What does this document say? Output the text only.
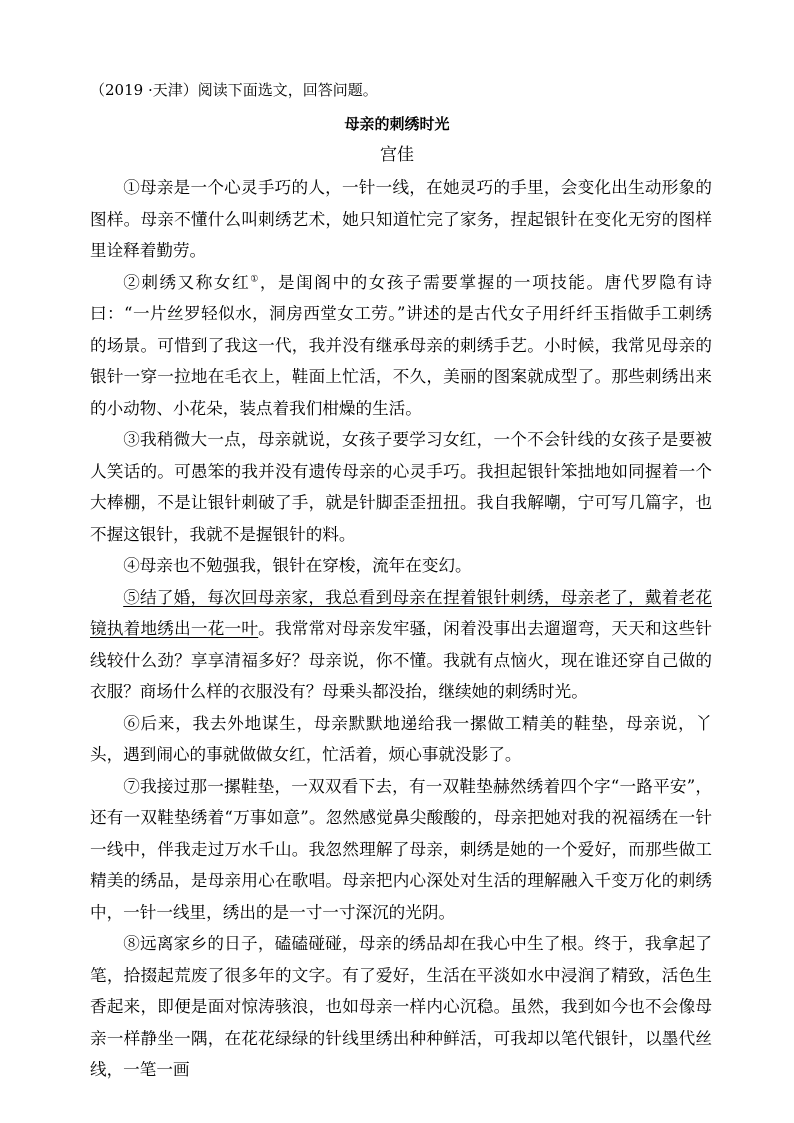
（2019 ·天津）阅读下面选文，回答问题。
母亲的刺绣时光
宫佳

①母亲是一个心灵手巧的人，一针一线，在她灵巧的手里，会变化出生动形象的图样。母亲不懂什么叫刺绣艺术，她只知道忙完了家务，捏起银针在变化无穷的图样里诠释着勤劳。

②刺绣又称女红①，是闺阁中的女孩子需要掌握的一项技能。唐代罗隐有诗曰：“一片丝罗轻似水，洞房西堂女工劳。”讲述的是古代女子用纤纤玉指做手工刺绣的场景。可惜到了我这一代，我并没有继承母亲的刺绣手艺。小时候，我常见母亲的银针一穿一拉地在毛衣上，鞋面上忙活，不久，美丽的图案就成型了。那些刺绣出来的小动物、小花朵，装点着我们柑燥的生活。

③我稍微大一点，母亲就说，女孩子要学习女红，一个不会针线的女孩子是要被人笑话的。可愚笨的我并没有遗传母亲的心灵手巧。我担起银针笨拙地如同握着一个大棒棚，不是让银针刺破了手，就是针脚歪歪扭扭。我自我解嘲，宁可写几篇字，也不握这银针，我就不是握银针的料。

④母亲也不勉强我，银针在穿梭，流年在变幻。

⑤结了婚，每次回母亲家，我总看到母亲在捏着银针刺绣，母亲老了，戴着老花镜执着地绣出一花一叶。我常常对母亲发牢骚，闲着没事出去遛遛弯，天天和这些针线较什么劲？享享清福多好？母亲说，你不懂。我就有点恼火，现在谁还穿自己做的衣服？商场什么样的衣服没有？母乗头都没抬，继续她的刺绣时光。

⑥后来，我去外地谋生，母亲默默地递给我一摞做工精美的鞋垫，母亲说，丫头，遇到闹心的事就做做女红，忙活着，烦心事就没影了。

⑦我接过那一摞鞋垫，一双双看下去，有一双鞋垫赫然绣着四个字“一路平安”，还有一双鞋垫绣着“万事如意”。忽然感觉鼻尖酸酸的，母亲把她对我的祝福绣在一针一线中，伴我走过万水千山。我忽然理解了母亲，刺绣是她的一个爱好，而那些做工精美的绣品，是母亲用心在歌唱。母亲把内心深处对生活的理解融入千变万化的刺绣中，一针一线里，绣出的是一寸一寸深沉的光阴。

⑧远离家乡的日子，磕磕碰碰，母亲的绣品却在我心中生了根。终于，我拿起了笔，拾掇起荒废了很多年的文字。有了爱好，生活在平淡如水中浸润了精致，活色生香起来，即便是面对惊涛骇浪，也如母亲一样内心沉稳。虽然，我到如今也不会像母亲一样静坐一隅，在花花绿绿的针线里绣出种种鲜活，可我却以笔代银针，以墨代丝线，一笔一画
